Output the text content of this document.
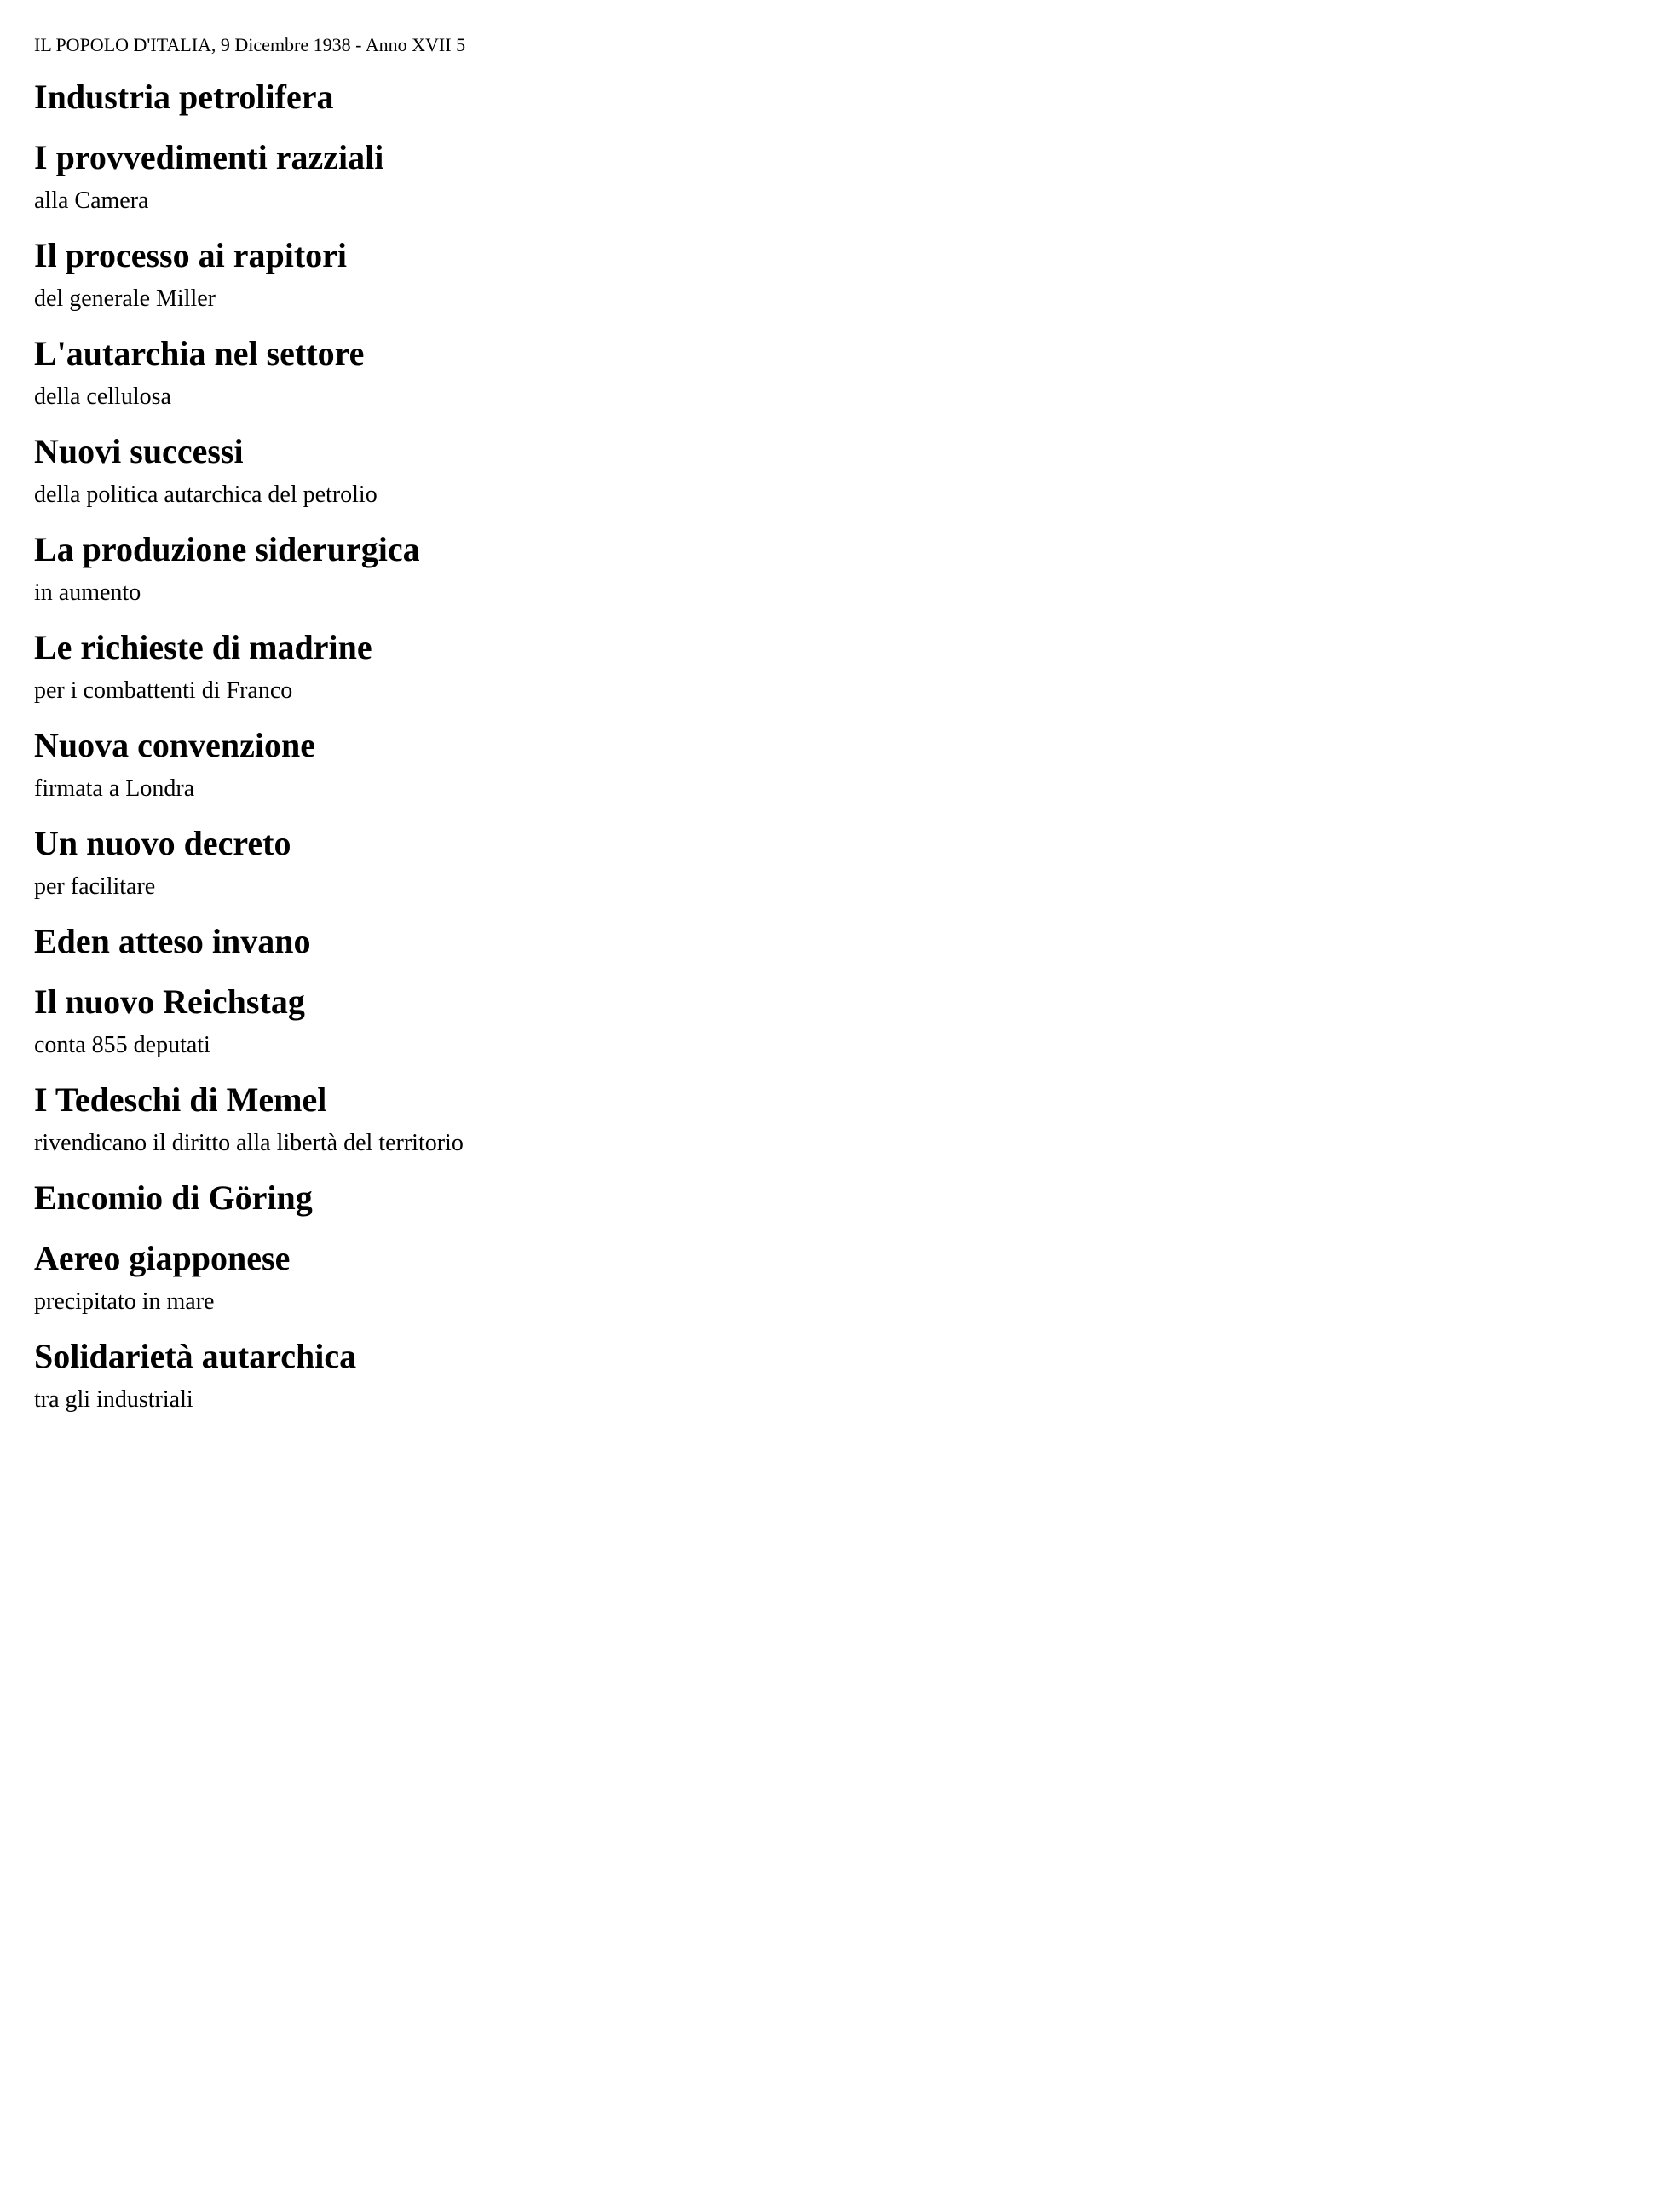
IL POPOLO D'ITALIA, 9 Dicembre 1938 - Anno XVII 5
Industria petrolifera
I provvedimenti razziali
alla Camera
Il processo ai rapitori
del generale Miller
L'autarchia nel settore
della cellulosa
Nuovi successi
della politica autarchica del petrolio
La produzione siderurgica
in aumento
Le richieste di madrine
per i combattenti di Franco
Nuova convenzione
firmata a Londra
Un nuovo decreto
per facilitare
Eden atteso invano
Il nuovo Reichstag
conta 855 deputati
I Tedeschi di Memel
rivendicano il diritto alla libertà del territorio
Encomio di Göring
Aereo giapponese
precipitato in mare
Solidarietà autarchica
tra gli industriali
